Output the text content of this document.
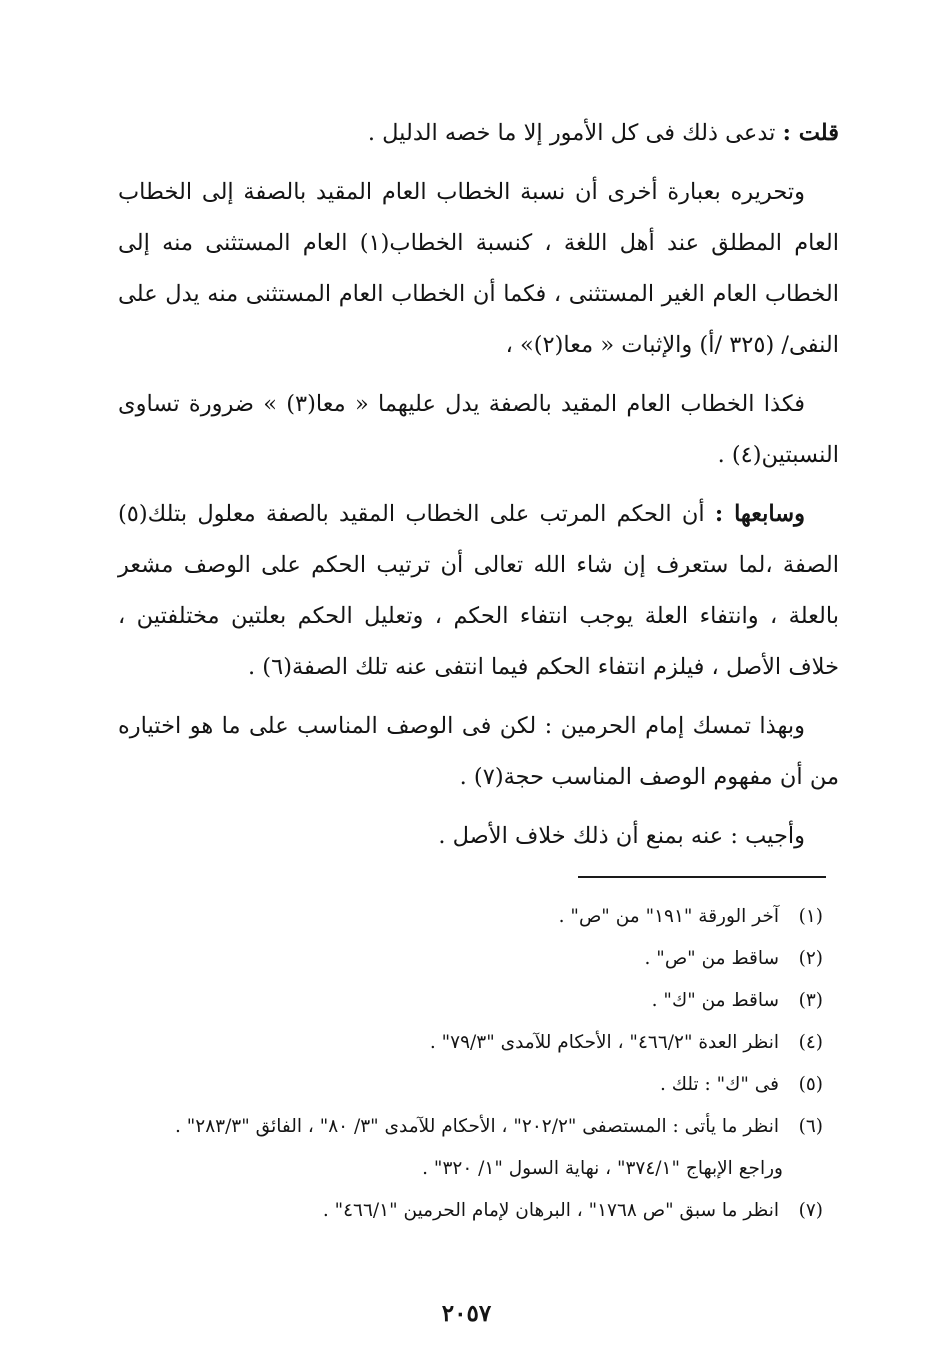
قلت : تدعى ذلك فى كل الأمور إلا ما خصه الدليل .

وتحريره بعبارة أخرى أن نسبة الخطاب العام المقيد بالصفة إلى الخطاب العام المطلق عند أهل اللغة ، كنسبة الخطاب(١) العام المستثنى منه إلى الخطاب العام الغير المستثنى ، فكما أن الخطاب العام المستثنى منه يدل على النفى/ (٣٢٥ /أ) والإثبات « معا(٢)» ،

فكذا الخطاب العام المقيد بالصفة يدل عليهما « معا(٣) » ضرورة تساوى النسبتين(٤) .

وسابعها : أن الحكم المرتب على الخطاب المقيد بالصفة معلول بتلك(٥) الصفة ،لما ستعرف إن شاء الله تعالى أن ترتيب الحكم على الوصف مشعر بالعلة ، وانتفاء العلة يوجب انتفاء الحكم ، وتعليل الحكم بعلتين مختلفتين ، خلاف الأصل ، فيلزم انتفاء الحكم فيما انتفى عنه تلك الصفة(٦) .

وبهذا تمسك إمام الحرمين : لكن فى الوصف المناسب على ما هو اختياره من أن مفهوم الوصف المناسب حجة(٧) .

وأجيب : عنه بمنع أن ذلك خلاف الأصل .

(١)
آخر الورقة "١٩١" من "ص" .
(٢)
ساقط من "ص" .
(٣)
ساقط من "ك" .
(٤)
انظر العدة "٤٦٦/٢" ، الأحكام للآمدى "٧٩/٣" .
(٥)
فى "ك" : تلك .
(٦)
انظر ما يأتى : المستصفى "٢٠٢/٢" ، الأحكام للآمدى "٣/ ٨٠" ، الفائق "٢٨٣/٣" .
وراجع الإبهاج "٣٧٤/١" ، نهاية السول "١/ ٣٢٠" .
(٧)
انظر ما سبق "ص ١٧٦٨" ، البرهان لإمام الحرمين "٤٦٦/١" .
٢٠٥٧
